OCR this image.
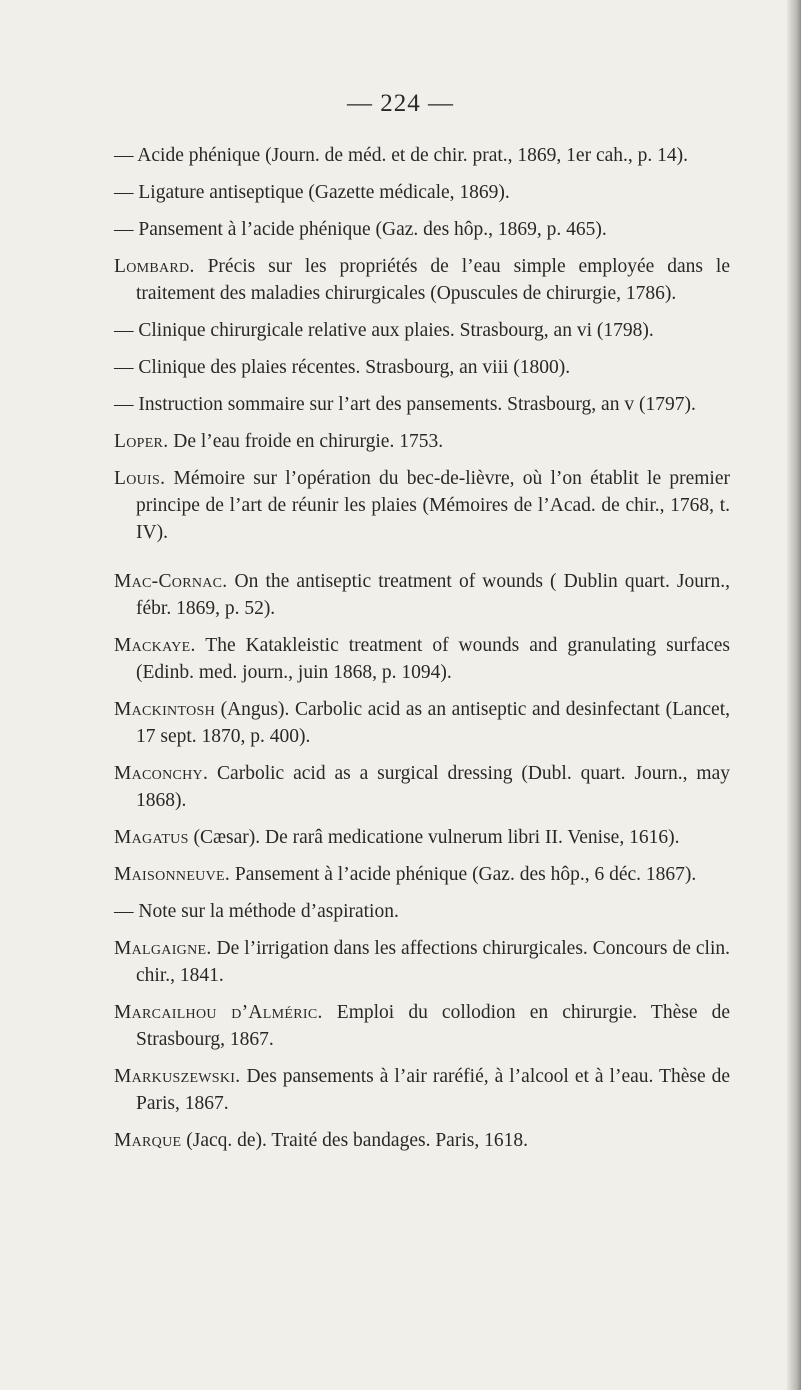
— 224 —

— Acide phénique (Journ. de méd. et de chir. prat., 1869, 1er cah., p. 14).

— Ligature antiseptique (Gazette médicale, 1869).

— Pansement à l’acide phénique (Gaz. des hôp., 1869, p. 465).

Lombard. Précis sur les propriétés de l’eau simple employée dans le traitement des maladies chirurgicales (Opuscules de chirurgie, 1786).

— Clinique chirurgicale relative aux plaies. Strasbourg, an vi (1798).

— Clinique des plaies récentes. Strasbourg, an viii (1800).

— Instruction sommaire sur l’art des pansements. Strasbourg, an v (1797).

Loper. De l’eau froide en chirurgie. 1753.

Louis. Mémoire sur l’opération du bec-de-lièvre, où l’on établit le premier principe de l’art de réunir les plaies (Mémoires de l’Acad. de chir., 1768, t. IV).

Mac-Cornac. On the antiseptic treatment of wounds ( Dublin quart. Journ., fébr. 1869, p. 52).

Mackaye. The Katakleistic treatment of wounds and granulating surfaces (Edinb. med. journ., juin 1868, p. 1094).

Mackintosh (Angus). Carbolic acid as an antiseptic and desinfectant (Lancet, 17 sept. 1870, p. 400).

Maconchy. Carbolic acid as a surgical dressing (Dubl. quart. Journ., may 1868).

Magatus (Cæsar). De rarâ medicatione vulnerum libri II. Venise, 1616).

Maisonneuve. Pansement à l’acide phénique (Gaz. des hôp., 6 déc. 1867).

— Note sur la méthode d’aspiration.

Malgaigne. De l’irrigation dans les affections chirurgicales. Concours de clin. chir., 1841.

Marcailhou d’Alméric. Emploi du collodion en chirurgie. Thèse de Strasbourg, 1867.

Markuszewski. Des pansements à l’air raréfié, à l’alcool et à l’eau. Thèse de Paris, 1867.

Marque (Jacq. de). Traité des bandages. Paris, 1618.
